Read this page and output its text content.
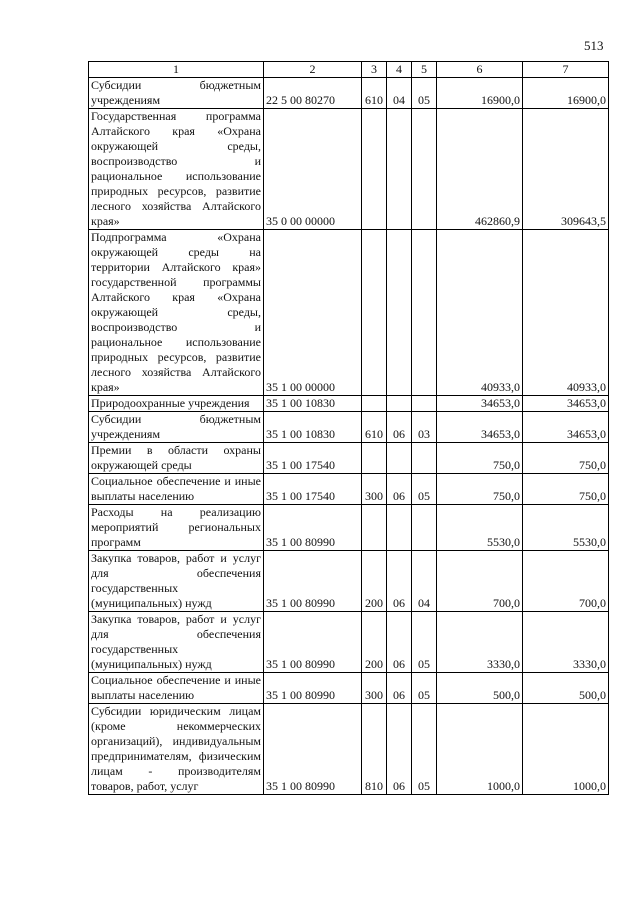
513
1	2	3	4	5	6	7
Субсидии бюджетным учреждениям	22 5 00 80270	610	04	05	16900,0	16900,0
Государственная программа Алтайского края «Охрана окружающей среды, воспроизводство и рациональное использование природных ресурсов, развитие лесного хозяйства Алтайского края»	35 0 00 00000				462860,9	309643,5
Подпрограмма «Охрана окружающей среды на территории Алтайского края» государственной программы Алтайского края «Охрана окружающей среды, воспроизводство и рациональное использование природных ресурсов, развитие лесного хозяйства Алтайского края»	35 1 00 00000				40933,0	40933,0
Природоохранные учреждения	35 1 00 10830				34653,0	34653,0
Субсидии бюджетным учреждениям	35 1 00 10830	610	06	03	34653,0	34653,0
Премии в области охраны окружающей среды	35 1 00 17540				750,0	750,0
Социальное обеспечение и иные выплаты населению	35 1 00 17540	300	06	05	750,0	750,0
Расходы на реализацию мероприятий региональных программ	35 1 00 80990				5530,0	5530,0
Закупка товаров, работ и услуг для обеспечения государственных (муниципальных) нужд	35 1 00 80990	200	06	04	700,0	700,0
Закупка товаров, работ и услуг для обеспечения государственных (муниципальных) нужд	35 1 00 80990	200	06	05	3330,0	3330,0
Социальное обеспечение и иные выплаты населению	35 1 00 80990	300	06	05	500,0	500,0
Субсидии юридическим лицам (кроме некоммерческих организаций), индивидуальным предпринимателям, физическим лицам - производителям товаров, работ, услуг	35 1 00 80990	810	06	05	1000,0	1000,0
